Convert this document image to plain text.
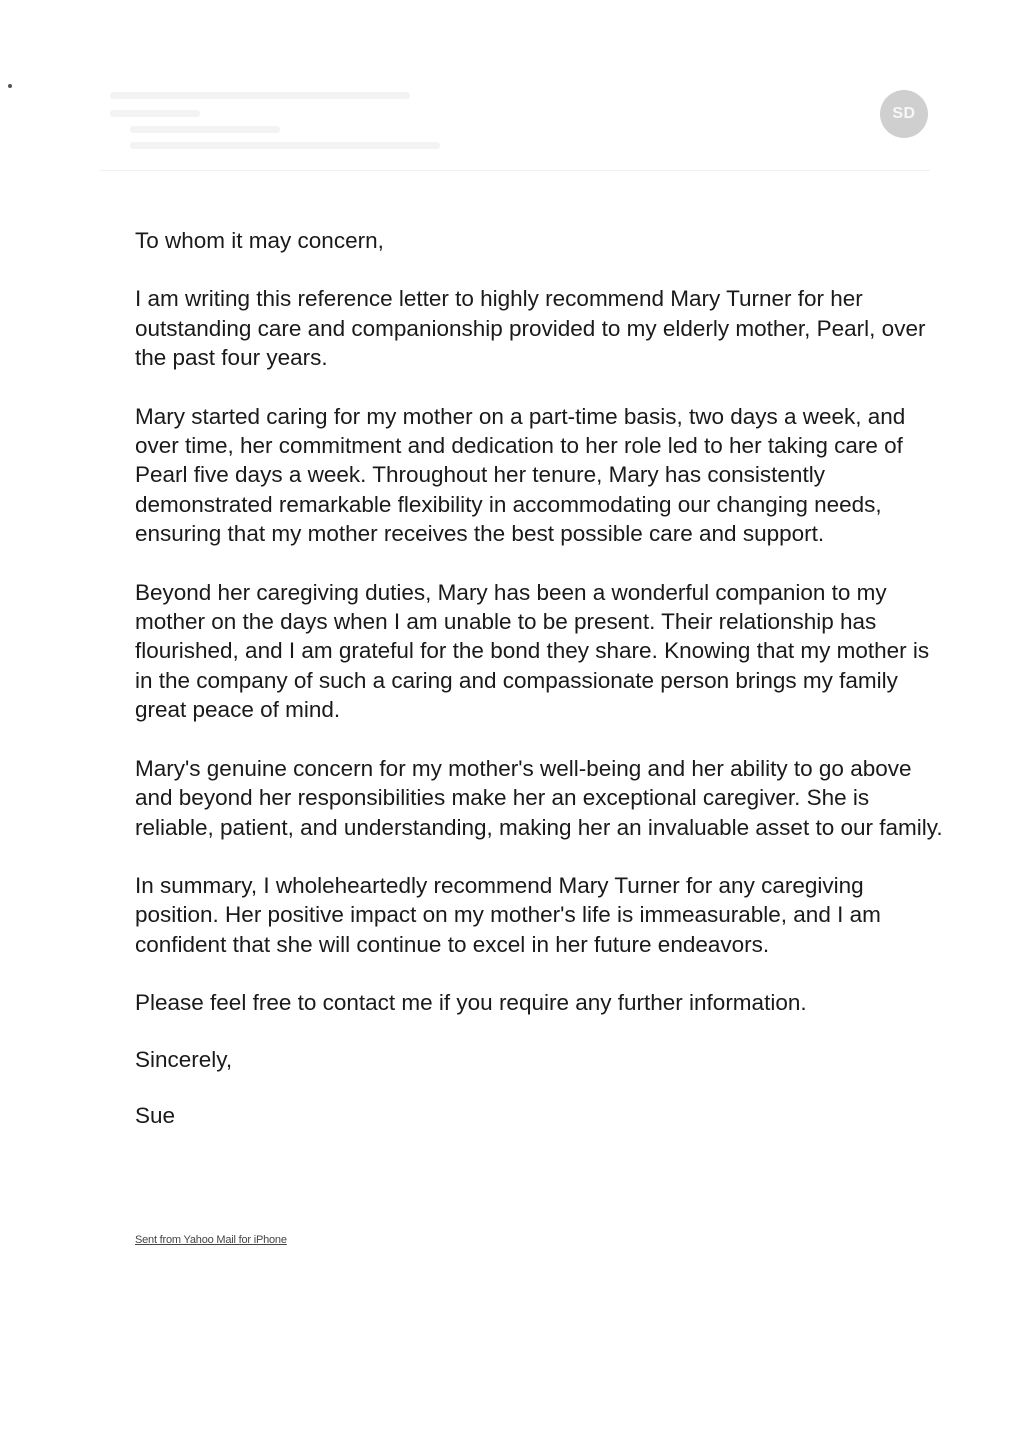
SD

To whom it may concern,

I am writing this reference letter to highly recommend Mary Turner for her outstanding care and companionship provided to my elderly mother, Pearl, over the past four years.

Mary started caring for my mother on a part-time basis, two days a week, and over time, her commitment and dedication to her role led to her taking care of Pearl five days a week. Throughout her tenure, Mary has consistently demonstrated remarkable flexibility in accommodating our changing needs, ensuring that my mother receives the best possible care and support.

Beyond her caregiving duties, Mary has been a wonderful companion to my mother on the days when I am unable to be present. Their relationship has flourished, and I am grateful for the bond they share. Knowing that my mother is in the company of such a caring and compassionate person brings my family great peace of mind.

Mary's genuine concern for my mother's well-being and her ability to go above and beyond her responsibilities make her an exceptional caregiver. She is reliable, patient, and understanding, making her an invaluable asset to our family.

In summary, I wholeheartedly recommend Mary Turner for any caregiving position. Her positive impact on my mother's life is immeasurable, and I am confident that she will continue to excel in her future endeavors.

Please feel free to contact me if you require any further information.

Sincerely,

Sue

Sent from Yahoo Mail for iPhone
